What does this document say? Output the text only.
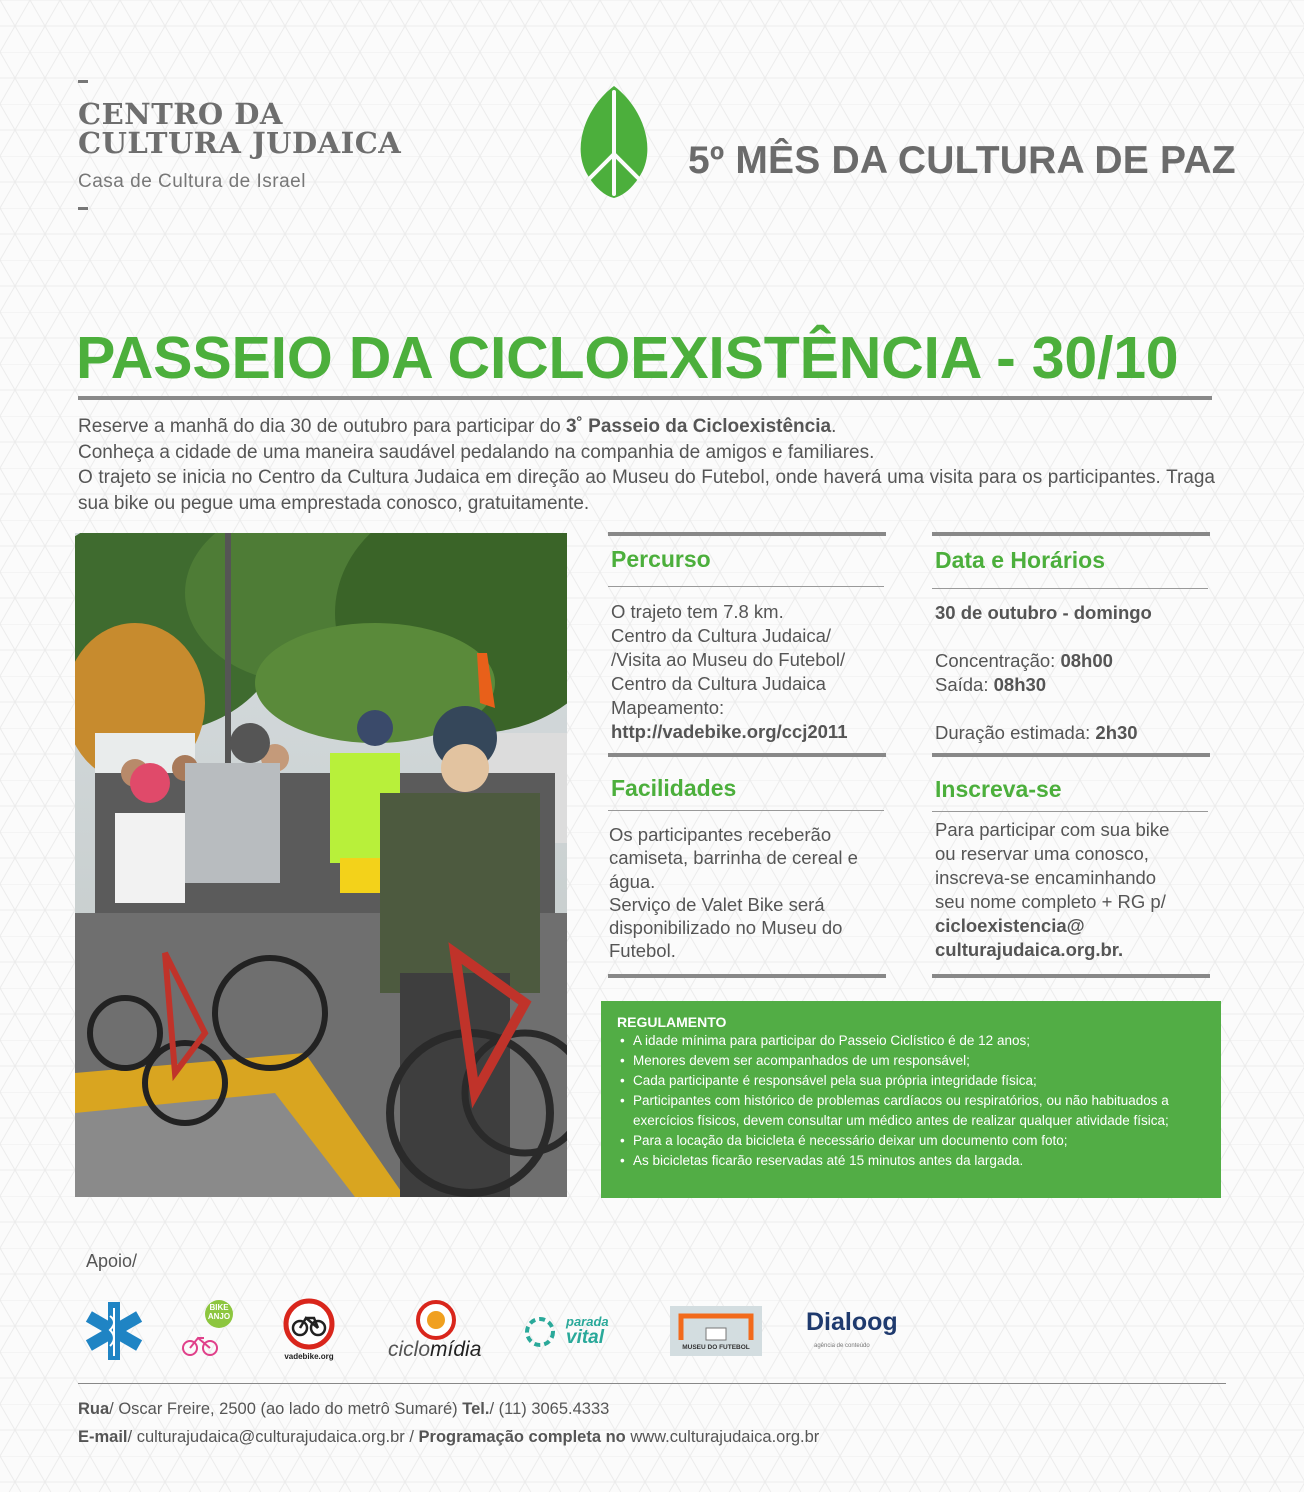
CENTRO DA
CULTURA JUDAICA
Casa de Cultura de Israel	5º MÊS DA CULTURA DE PAZ
PASSEIO DA CICLOEXISTÊNCIA - 30/10

Reserve a manhã do dia 30 de outubro para participar do 3˚ Passeio da Cicloexistência.

Conheça a cidade de uma maneira saudável pedalando na companhia de amigos e familiares.

O trajeto se inicia no Centro da Cultura Judaica em direção ao Museu do Futebol, onde haverá uma visita para os participantes. Traga sua bike ou pegue uma emprestada conosco, gratuitamente.

Percurso
O trajeto tem 7.8 km.
Centro da Cultura Judaica/
/Visita ao Museu do Futebol/
Centro da Cultura Judaica
Mapeamento:
http://vadebike.org/ccj2011
Data e Horários
30 de outubro - domingo
Concentração: 08h00
Saída: 08h30
Duração estimada: 2h30
Facilidades
Os participantes receberão
camiseta, barrinha de cereal e
água.
Serviço de Valet Bike será
disponibilizado no Museu do
Futebol.
Inscreva-se
Para participar com sua bike
ou reservar uma conosco,
inscreva-se encaminhando
seu nome completo + RG p/
cicloexistencia@
culturajudaica.org.br.
REGULAMENTO
• A idade mínima para participar do Passeio Ciclístico é de 12 anos;
• Menores devem ser acompanhados de um responsável;
• Cada participante é responsável pela sua própria integridade física;
• Participantes com histórico de problemas cardíacos ou respiratórios, ou não habituados a exercícios físicos, devem consultar um médico antes de realizar qualquer atividade física;
• Para a locação da bicicleta é necessário deixar um documento com foto;
• As bicicletas ficarão reservadas até 15 minutos antes da largada.
Apoio/
BIKE
ANJO
vadebike.org	ciclomídia
parada
vital	MUSEU DO FUTEBOL
Dialoog
agência de conteúdo
Rua/ Oscar Freire, 2500 (ao lado do metrô Sumaré) Tel./ (11) 3065.4333
E-mail/ culturajudaica@culturajudaica.org.br / Programação completa no www.culturajudaica.org.br
